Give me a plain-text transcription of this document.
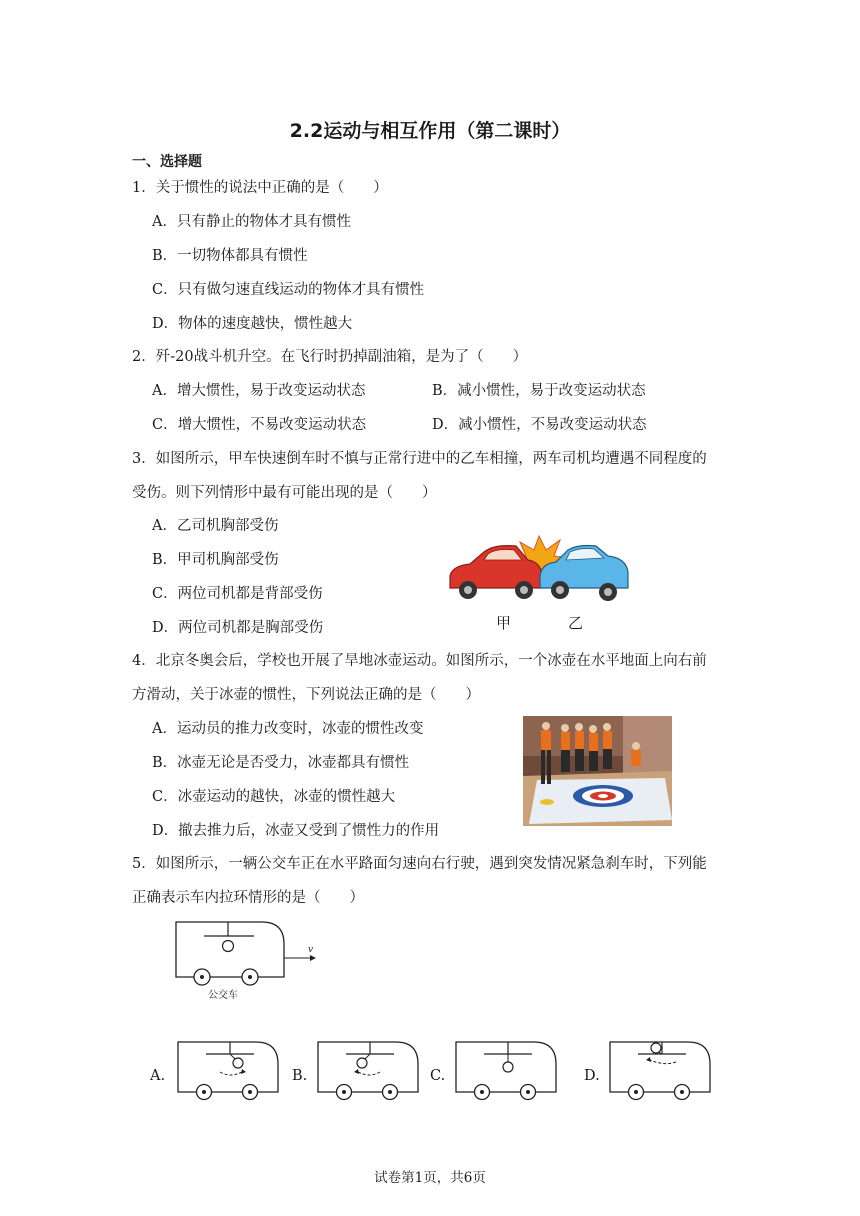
2.2运动与相互作用（第二课时）
一、选择题
1．关于惯性的说法中正确的是（　　）
A．只有静止的物体才具有惯性
B．一切物体都具有惯性
C．只有做匀速直线运动的物体才具有惯性
D．物体的速度越快，惯性越大
2．歼-20战斗机升空。在飞行时扔掉副油箱，是为了（　　）
A．增大惯性，易于改变运动状态	B．减小惯性，易于改变运动状态
C．增大惯性，不易改变运动状态	D．减小惯性，不易改变运动状态
3．如图所示，甲车快速倒车时不慎与正常行进中的乙车相撞，两车司机均遭遇不同程度的
受伤。则下列情形中最有可能出现的是（　　）
A．乙司机胸部受伤
B．甲司机胸部受伤
C．两位司机都是背部受伤
D．两位司机都是胸部受伤	甲	乙
4．北京冬奥会后，学校也开展了旱地冰壶运动。如图所示，一个冰壶在水平地面上向右前
方滑动，关于冰壶的惯性，下列说法正确的是（　　）
A．运动员的推力改变时，冰壶的惯性改变
B．冰壶无论是否受力，冰壶都具有惯性
C．冰壶运动的越快，冰壶的惯性越大
D．撤去推力后，冰壶又受到了惯性力的作用
5．如图所示，一辆公交车正在水平路面匀速向右行驶，遇到突发情况紧急刹车时，下列能
正确表示车内拉环情形的是（　　）
v
公交车
A.	B.	C.	D.
试卷第1页，共6页
